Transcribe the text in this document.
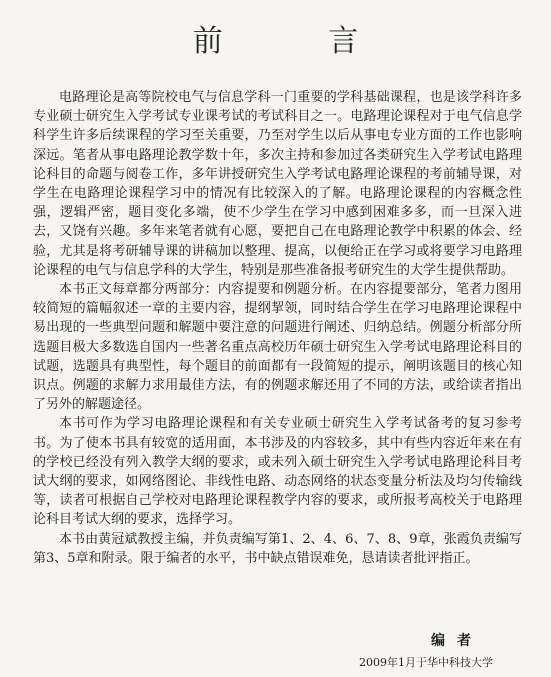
前 言

电路理论是高等院校电气与信息学科一门重要的学科基础课程，也是该学科许多专业硕士研究生入学考试专业课考试的考试科目之一。电路理论课程对于电气信息学科学生许多后续课程的学习至关重要，乃至对学生以后从事电专业方面的工作也影响深远。笔者从事电路理论教学数十年，多次主持和参加过各类研究生入学考试电路理论科目的命题与阅卷工作，多年讲授研究生入学考试电路理论课程的考前辅导课，对学生在电路理论课程学习中的情况有比较深入的了解。电路理论课程的内容概念性强，逻辑严密，题目变化多端，使不少学生在学习中感到困难多多，而一旦深入进去，又饶有兴趣。多年来笔者就有心愿，要把自己在电路理论教学中积累的体会、经验，尤其是将考研辅导课的讲稿加以整理、提高，以便给正在学习或将要学习电路理论课程的电气与信息学科的大学生，特别是那些准备报考研究生的大学生提供帮助。

本书正文每章都分两部分：内容提要和例题分析。在内容提要部分，笔者力图用较简短的篇幅叙述一章的主要内容，提纲挈领，同时结合学生在学习电路理论课程中易出现的一些典型问题和解题中要注意的问题进行阐述、归纳总结。例题分析部分所选题目极大多数选自国内一些著名重点高校历年硕士研究生入学考试电路理论科目的试题，选题具有典型性，每个题目的前面都有一段简短的提示，阐明该题目的核心知识点。例题的求解力求用最佳方法，有的例题求解还用了不同的方法，或给读者指出了另外的解题途径。

本书可作为学习电路理论课程和有关专业硕士研究生入学考试备考的复习参考书。为了使本书具有较宽的适用面，本书涉及的内容较多，其中有些内容近年来在有的学校已经没有列入教学大纲的要求，或未列入硕士研究生入学考试电路理论科目考试大纲的要求，如网络图论、非线性电路、动态网络的状态变量分析法及均匀传输线等，读者可根据自己学校对电路理论课程教学内容的要求，或所报考高校关于电路理论科目考试大纲的要求，选择学习。

本书由黄冠斌教授主编，并负责编写第1、2、4、6、7、8、9章，张霞负责编写第3、5章和附录。限于编者的水平，书中缺点错误难免，恳请读者批评指正。

编者
2009年1月于华中科技大学
